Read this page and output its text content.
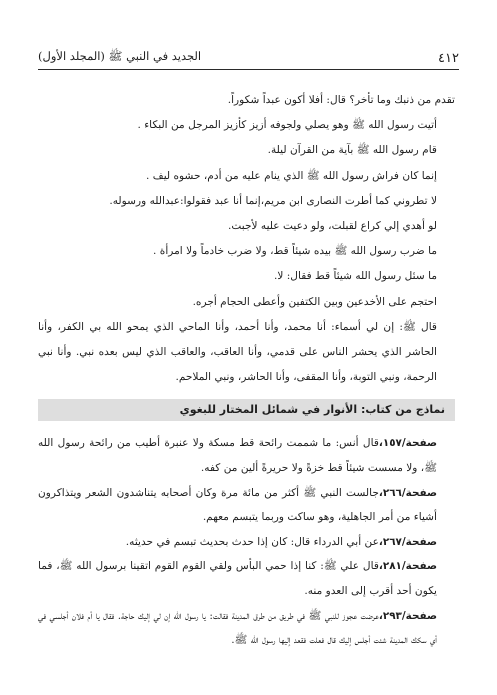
٤١٢
الجديد في النبي ﷺ (المجلد الأول)

تقدم من ذنبك وما تأخر؟ قال: أفلا أكون عبداً شكوراً.

أتيت رسول الله ﷺ وهو يصلي ولجوفه أزيز كأزيز المرجل من البكاء .

قام رسول الله ﷺ بآية من القرآن ليلة.

إنما كان فراش رسول الله ﷺ الذي ينام عليه من أدم، حشوه ليف .

لا تطروني كما أطرت النصارى ابن مريم،إنما أنا عبد فقولوا:عبدالله ورسوله.

لو أهدي إلي كراع لقبلت، ولو دعيت عليه لأجبت.

ما ضرب رسول الله ﷺ بيده شيئاً قط، ولا ضرب خادماً ولا امرأة .

ما سئل رسول الله شيئاً قط فقال: لا.

احتجم على الأخدعين وبين الكتفين وأعطى الحجام أجره.

قال ﷺ: إن لي أسماء: أنا محمد، وأنا أحمد، وأنا الماحي الذي يمحو الله بي الكفر، وأنا الحاشر الذي يحشر الناس على قدمي، وأنا العاقب، والعاقب الذي ليس بعده نبي. وأنا نبي الرحمة، ونبي التوبة، وأنا المقفى، وأنا الحاشر، ونبي الملاحم.

نماذج من كتاب: الأنوار في شمائل المختار للبغوي

صفحة/١٥٧،قال أنس: ما شممت رائحة قط مسكة ولا عنبرة أطيب من رائحة رسول الله ﷺ، ولا مسست شيئاً قط خزةً ولا حريرةً ألين من كفه.

صفحة/٢٦٦،جالست النبي ﷺ أكثر من مائة مرة وكان أصحابه يتناشدون الشعر ويتذاكرون أشياء من أمر الجاهلية، وهو ساكت وربما يتبسم معهم.

صفحة/٢٦٧،عن أبي الدرداء قال: كان إذا حدث بحديث تبسم في حديثه.

صفحة/٢٨١،قال علي ﷺ: كنا إذا حمي البأس ولقي القوم القوم اتقينا برسول الله ﷺ، فما يكون أحد أقرب إلى العدو منه.

صفحة/٢٩٣،عرضت عجوز للنبي ﷺ في طريق من طرق المدينة فقالت: يا رسول الله إن لي إليك حاجة. فقال يا أم فلان أجلسي في أي سكك المدينة شئت أجلس إليك قال فعلت فقعد إليها رسول الله ﷺ.
